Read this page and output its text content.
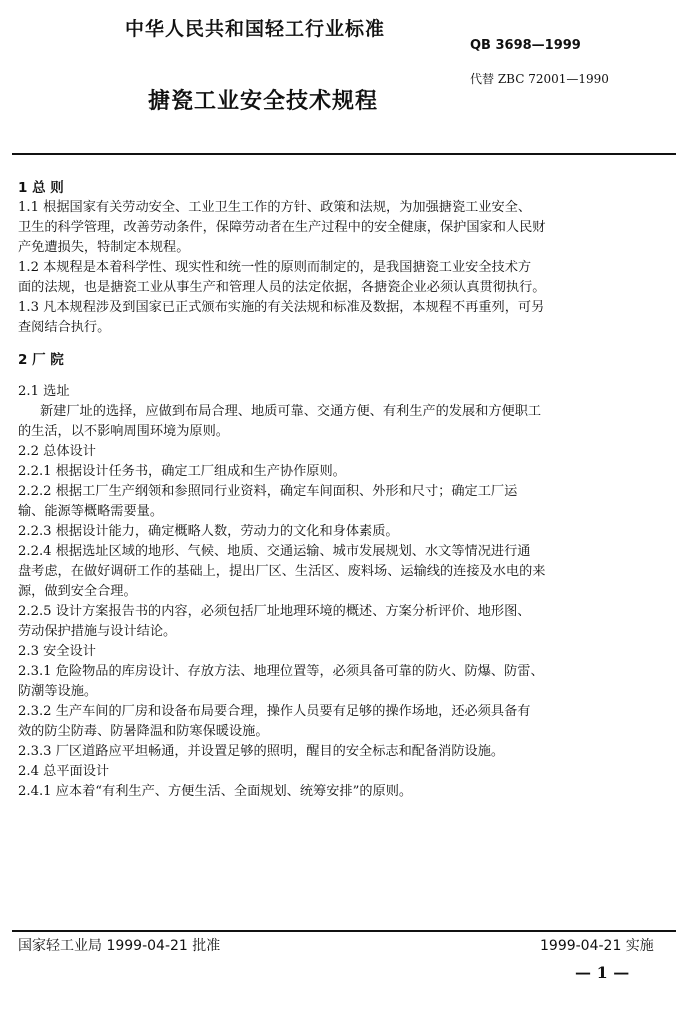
中华人民共和国轻工行业标准
QB 3698—1999
代替 ZBC 72001—1990
搪瓷工业安全技术规程
1 总 则
1.1 根据国家有关劳动安全、工业卫生工作的方针、政策和法规，为加强搪瓷工业安全、
卫生的科学管理，改善劳动条件，保障劳动者在生产过程中的安全健康，保护国家和人民财
产免遭损失，特制定本规程。
1.2 本规程是本着科学性、现实性和统一性的原则而制定的，是我国搪瓷工业安全技术方
面的法规，也是搪瓷工业从事生产和管理人员的法定依据，各搪瓷企业必须认真贯彻执行。
1.3 凡本规程涉及到国家已正式颁布实施的有关法规和标准及数据，本规程不再重列，可另
查阅结合执行。
2 厂 院
2.1 选址
新建厂址的选择，应做到布局合理、地质可靠、交通方便、有利生产的发展和方便职工
的生活，以不影响周围环境为原则。
2.2 总体设计
2.2.1 根据设计任务书，确定工厂组成和生产协作原则。
2.2.2 根据工厂生产纲领和参照同行业资料，确定车间面积、外形和尺寸；确定工厂运
输、能源等概略需要量。
2.2.3 根据设计能力，确定概略人数，劳动力的文化和身体素质。
2.2.4 根据选址区域的地形、气候、地质、交通运输、城市发展规划、水文等情况进行通
盘考虑，在做好调研工作的基础上，提出厂区、生活区、废料场、运输线的连接及水电的来
源，做到安全合理。
2.2.5 设计方案报告书的内容，必须包括厂址地理环境的概述、方案分析评价、地形图、
劳动保护措施与设计结论。
2.3 安全设计
2.3.1 危险物品的库房设计、存放方法、地理位置等，必须具备可靠的防火、防爆、防雷、
防潮等设施。
2.3.2 生产车间的厂房和设备布局要合理，操作人员要有足够的操作场地，还必须具备有
效的防尘防毒、防暑降温和防寒保暖设施。
2.3.3 厂区道路应平坦畅通，并设置足够的照明，醒目的安全标志和配备消防设施。
2.4 总平面设计
2.4.1 应本着“有利生产、方便生活、全面规划、统筹安排”的原则。
国家轻工业局 1999-04-21 批准	1999-04-21 实施
— 1 —
